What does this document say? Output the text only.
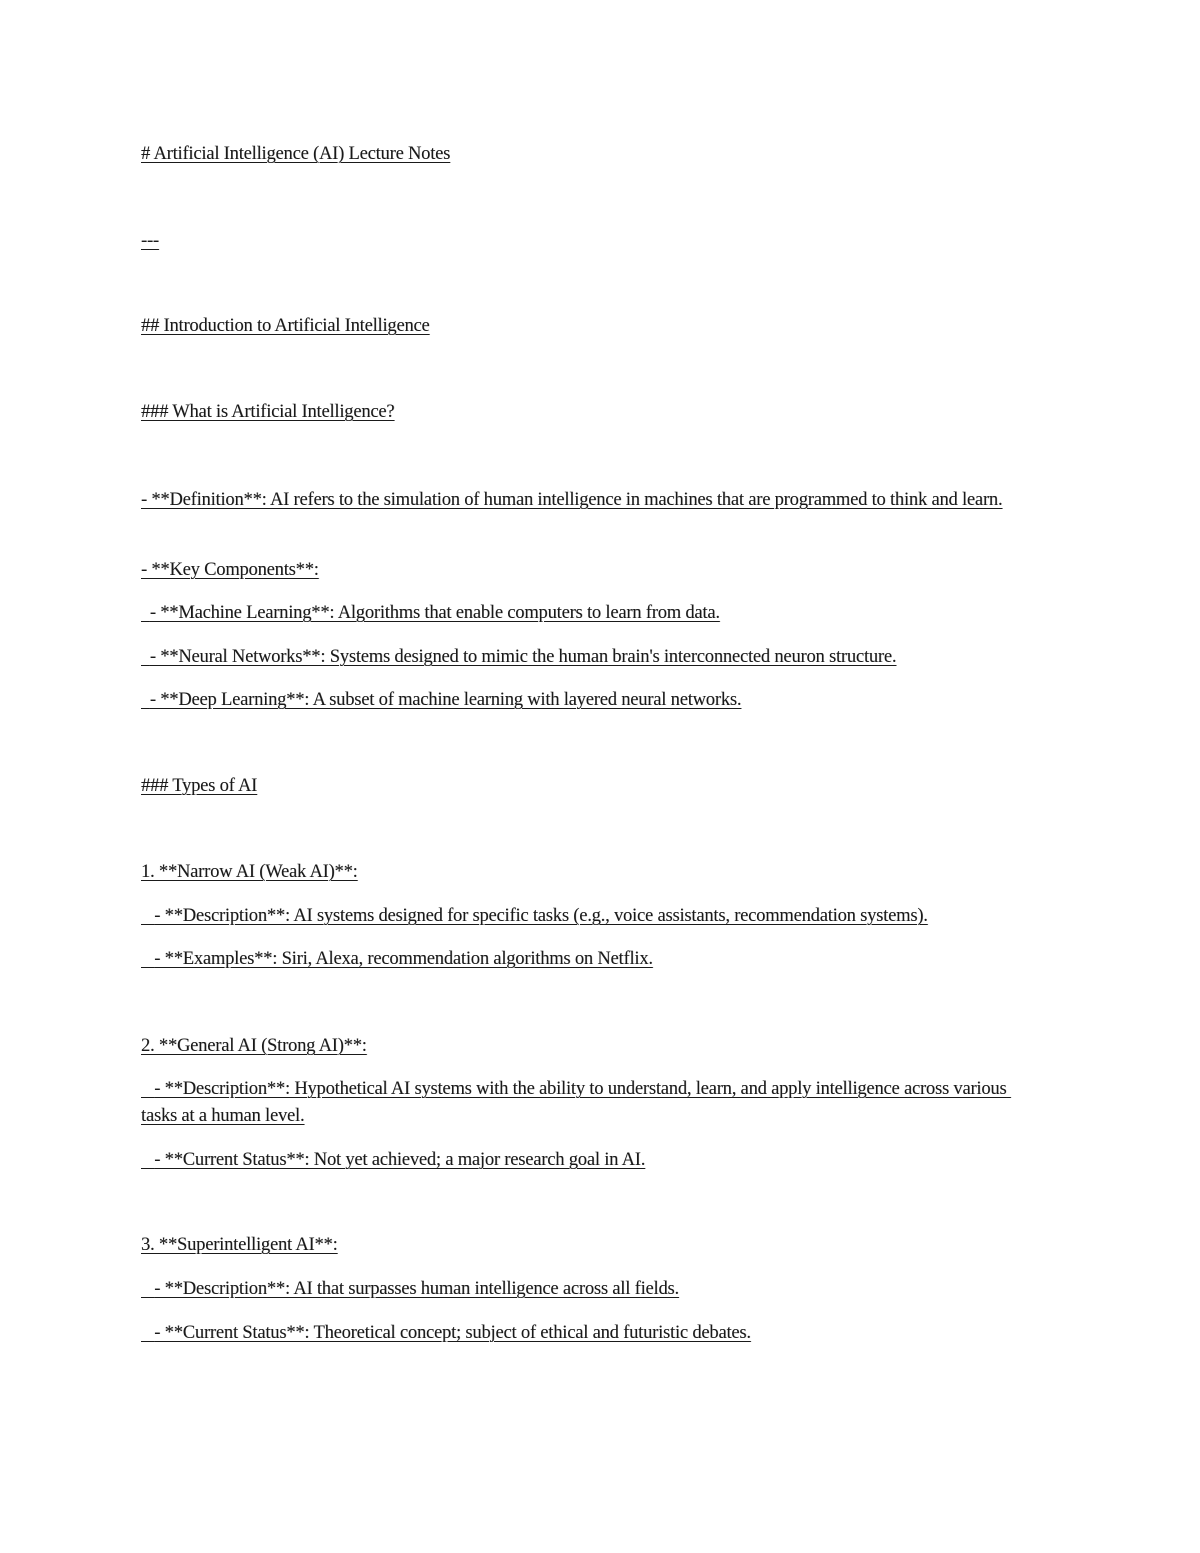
# Artificial Intelligence (AI) Lecture Notes
---
## Introduction to Artificial Intelligence
### What is Artificial Intelligence?
- **Definition**: AI refers to the simulation of human intelligence in machines that are programmed to think and learn.
- **Key Components**:
- **Machine Learning**: Algorithms that enable computers to learn from data.
- **Neural Networks**: Systems designed to mimic the human brain's interconnected neuron structure.
- **Deep Learning**: A subset of machine learning with layered neural networks.
### Types of AI
1. **Narrow AI (Weak AI)**:
- **Description**: AI systems designed for specific tasks (e.g., voice assistants, recommendation systems).
- **Examples**: Siri, Alexa, recommendation algorithms on Netflix.
2. **General AI (Strong AI)**:
- **Description**: Hypothetical AI systems with the ability to understand, learn, and apply intelligence across various tasks at a human level.
- **Current Status**: Not yet achieved; a major research goal in AI.
3. **Superintelligent AI**:
- **Description**: AI that surpasses human intelligence across all fields.
- **Current Status**: Theoretical concept; subject of ethical and futuristic debates.
